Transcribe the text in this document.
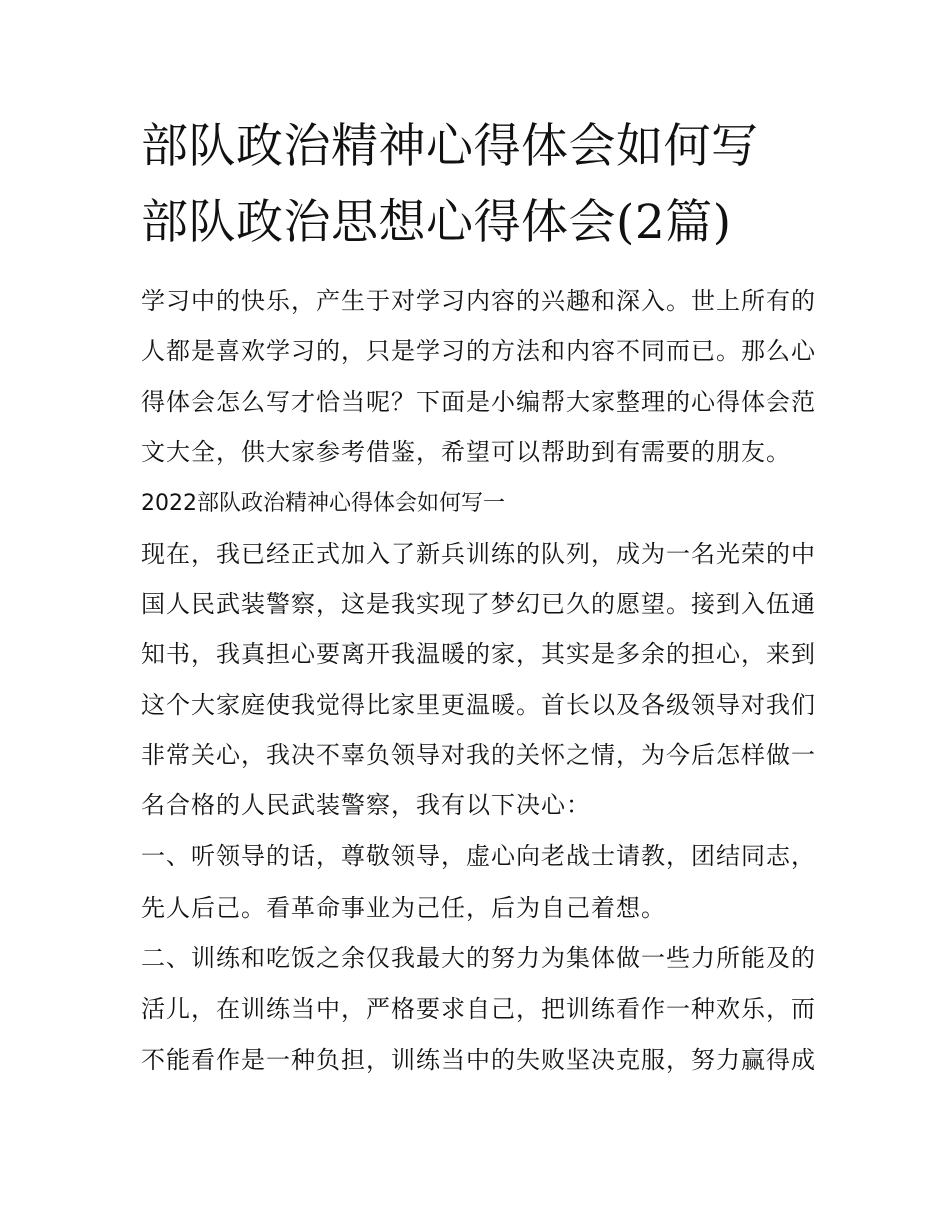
部队政治精神心得体会如何写
部队政治思想心得体会(2篇)

学习中的快乐，产生于对学习内容的兴趣和深入。世上所有的

人都是喜欢学习的，只是学习的方法和内容不同而已。那么心

得体会怎么写才恰当呢？下面是小编帮大家整理的心得体会范

文大全，供大家参考借鉴，希望可以帮助到有需要的朋友。

2022部队政治精神心得体会如何写一

现在，我已经正式加入了新兵训练的队列，成为一名光荣的中

国人民武装警察，这是我实现了梦幻已久的愿望。接到入伍通

知书，我真担心要离开我温暖的家，其实是多余的担心，来到

这个大家庭使我觉得比家里更温暖。首长以及各级领导对我们

非常关心，我决不辜负领导对我的关怀之情，为今后怎样做一

名合格的人民武装警察，我有以下决心：

一、听领导的话，尊敬领导，虚心向老战士请教，团结同志，

先人后己。看革命事业为己任，后为自己着想。

二、训练和吃饭之余仅我最大的努力为集体做一些力所能及的

活儿，在训练当中，严格要求自己，把训练看作一种欢乐，而

不能看作是一种负担，训练当中的失败坚决克服，努力赢得成
